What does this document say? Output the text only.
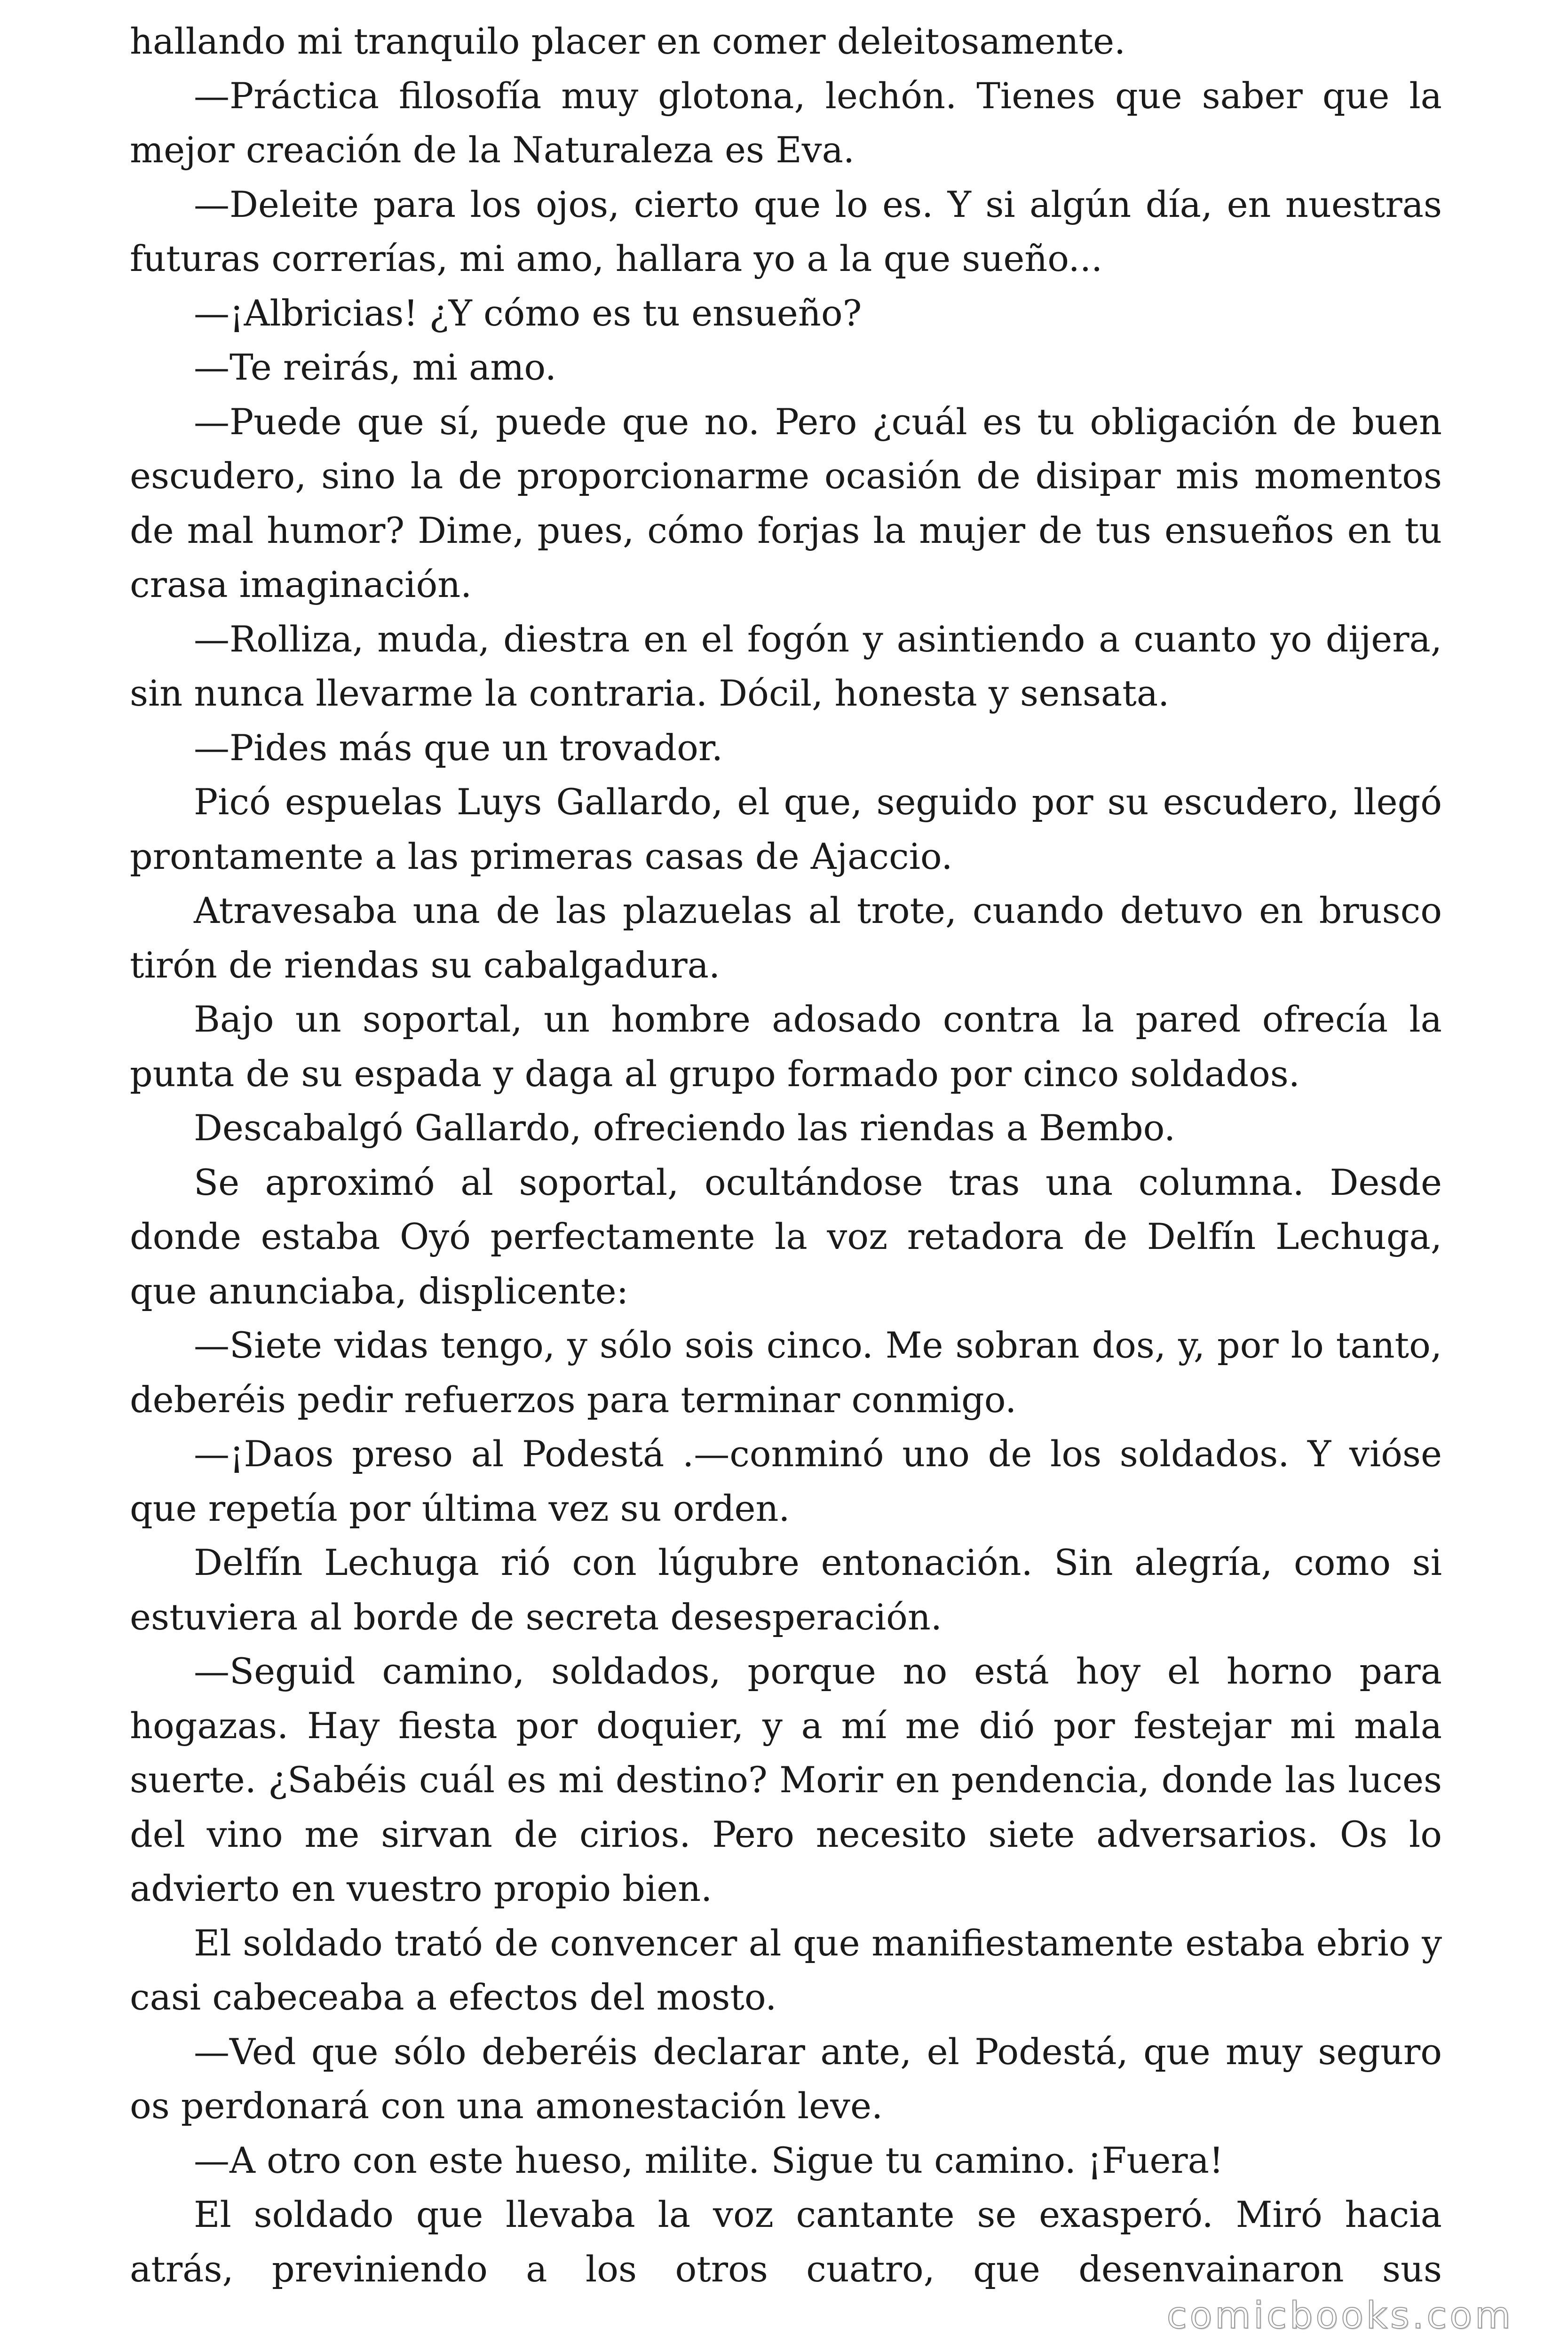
hallando mi tranquilo placer en comer deleitosamente.

—Práctica filosofía muy glotona, lechón. Tienes que saber que la mejor creación de la Naturaleza es Eva.

—Deleite para los ojos, cierto que lo es. Y si algún día, en nuestras futuras correrías, mi amo, hallara yo a la que sueño...

—¡Albricias! ¿Y cómo es tu ensueño?

—Te reirás, mi amo.

—Puede que sí, puede que no. Pero ¿cuál es tu obligación de buen escudero, sino la de proporcionarme ocasión de disipar mis momentos de mal humor? Dime, pues, cómo forjas la mujer de tus ensueños en tu crasa imaginación.

—Rolliza, muda, diestra en el fogón y asintiendo a cuanto yo dijera, sin nunca llevarme la contraria. Dócil, honesta y sensata.

—Pides más que un trovador.

Picó espuelas Luys Gallardo, el que, seguido por su escudero, llegó prontamente a las primeras casas de Ajaccio.

Atravesaba una de las plazuelas al trote, cuando detuvo en brusco tirón de riendas su cabalgadura.

Bajo un soportal, un hombre adosado contra la pared ofrecía la punta de su espada y daga al grupo formado por cinco soldados.

Descabalgó Gallardo, ofreciendo las riendas a Bembo.

Se aproximó al soportal, ocultándose tras una columna. Desde donde estaba Oyó perfectamente la voz retadora de Delfín Lechuga, que anunciaba, displicente:

—Siete vidas tengo, y sólo sois cinco. Me sobran dos, y, por lo tanto, deberéis pedir refuerzos para terminar conmigo.

—¡Daos preso al Podestá .—conminó uno de los soldados. Y vióse que repetía por última vez su orden.

Delfín Lechuga rió con lúgubre entonación. Sin alegría, como si estuviera al borde de secreta desesperación.

—Seguid camino, soldados, porque no está hoy el horno para hogazas. Hay fiesta por doquier, y a mí me dió por festejar mi mala suerte. ¿Sabéis cuál es mi destino? Morir en pendencia, donde las luces del vino me sirvan de cirios. Pero necesito siete adversarios. Os lo advierto en vuestro propio bien.

El soldado trató de convencer al que manifiestamente estaba ebrio y casi cabeceaba a efectos del mosto.

—Ved que sólo deberéis declarar ante, el Podestá, que muy seguro os perdonará con una amonestación leve.

—A otro con este hueso, milite. Sigue tu camino. ¡Fuera!

El soldado que llevaba la voz cantante se exasperó. Miró hacia atrás, previniendo a los otros cuatro, que desenvainaron sus

comicbooks.com
